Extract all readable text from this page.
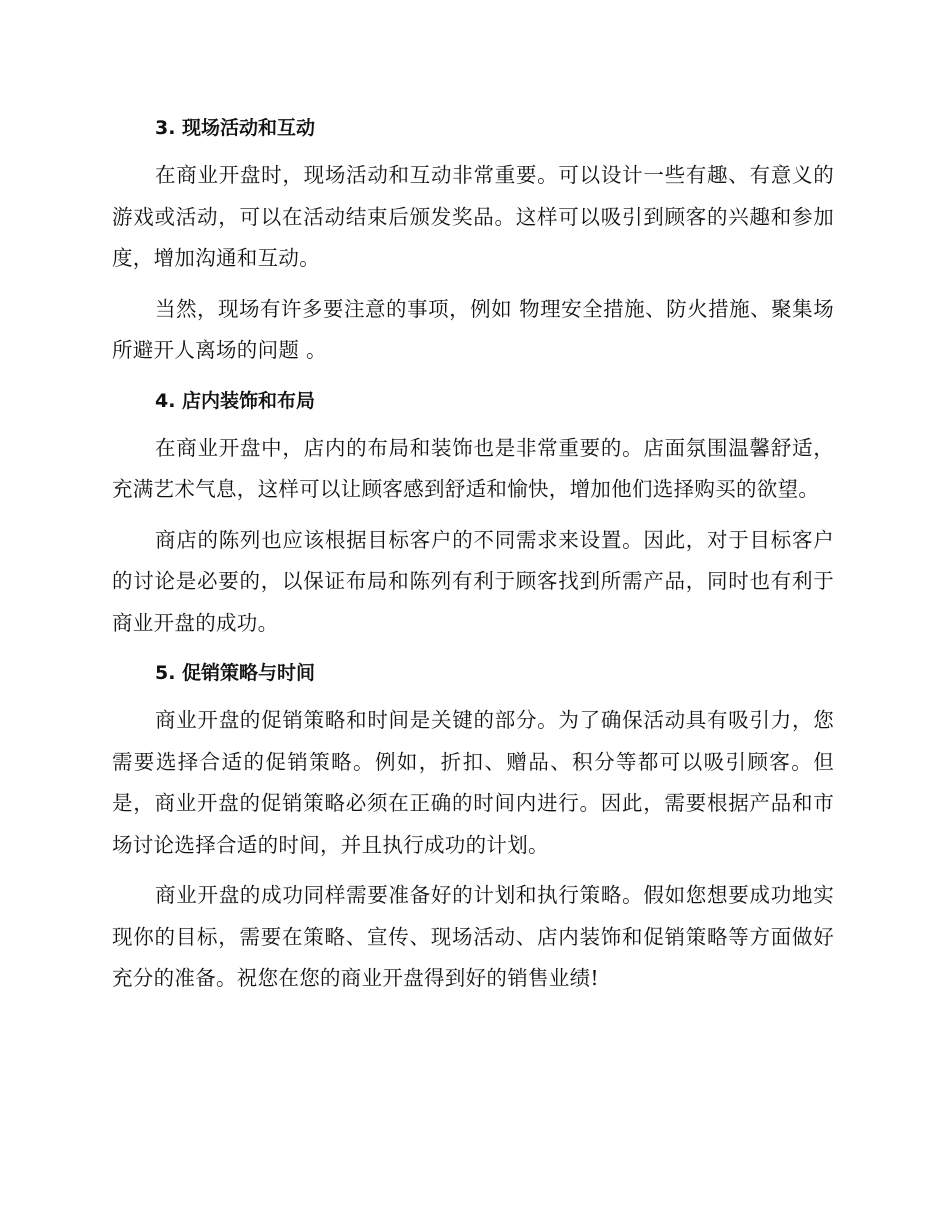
3. 现场活动和互动

在商业开盘时，现场活动和互动非常重要。可以设计一些有趣、有意义的游戏或活动，可以在活动结束后颁发奖品。这样可以吸引到顾客的兴趣和参加度，增加沟通和互动。

当然，现场有许多要注意的事项，例如 物理安全措施、防火措施、聚集场所避开人离场的问题 。

4. 店内装饰和布局

在商业开盘中，店内的布局和装饰也是非常重要的。店面氛围温馨舒适，充满艺术气息，这样可以让顾客感到舒适和愉快，增加他们选择购买的欲望。

商店的陈列也应该根据目标客户的不同需求来设置。因此，对于目标客户的讨论是必要的，以保证布局和陈列有利于顾客找到所需产品，同时也有利于商业开盘的成功。

5. 促销策略与时间

商业开盘的促销策略和时间是关键的部分。为了确保活动具有吸引力，您需要选择合适的促销策略。例如，折扣、赠品、积分等都可以吸引顾客。但是，商业开盘的促销策略必须在正确的时间内进行。因此，需要根据产品和市场讨论选择合适的时间，并且执行成功的计划。

商业开盘的成功同样需要准备好的计划和执行策略。假如您想要成功地实现你的目标，需要在策略、宣传、现场活动、店内装饰和促销策略等方面做好充分的准备。祝您在您的商业开盘得到好的销售业绩!
